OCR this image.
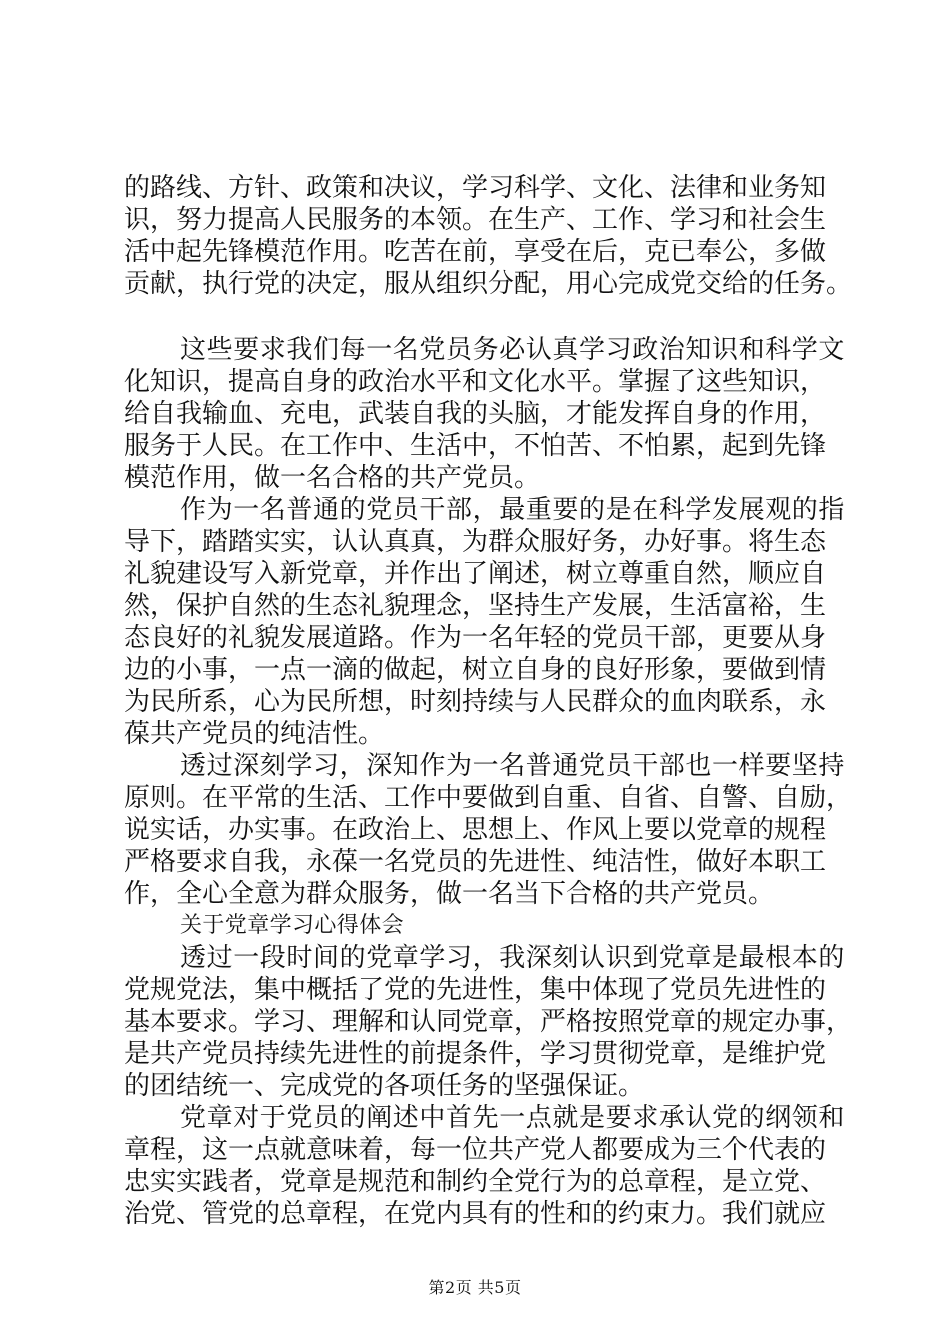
的路线、方针、政策和决议，学习科学、文化、法律和业务知
识，努力提高人民服务的本领。在生产、工作、学习和社会生
活中起先锋模范作用。吃苦在前，享受在后，克已奉公，多做
贡献，执行党的决定，服从组织分配，用心完成党交给的任务。
这些要求我们每一名党员务必认真学习政治知识和科学文
化知识，提高自身的政治水平和文化水平。掌握了这些知识，
给自我输血、充电，武装自我的头脑，才能发挥自身的作用，
服务于人民。在工作中、生活中，不怕苦、不怕累，起到先锋
模范作用，做一名合格的共产党员。
作为一名普通的党员干部，最重要的是在科学发展观的指
导下，踏踏实实，认认真真，为群众服好务，办好事。将生态
礼貌建设写入新党章，并作出了阐述，树立尊重自然，顺应自
然，保护自然的生态礼貌理念，坚持生产发展，生活富裕，生
态良好的礼貌发展道路。作为一名年轻的党员干部，更要从身
边的小事，一点一滴的做起，树立自身的良好形象，要做到情
为民所系，心为民所想，时刻持续与人民群众的血肉联系，永
葆共产党员的纯洁性。
透过深刻学习，深知作为一名普通党员干部也一样要坚持
原则。在平常的生活、工作中要做到自重、自省、自警、自励，
说实话，办实事。在政治上、思想上、作风上要以党章的规程
严格要求自我，永葆一名党员的先进性、纯洁性，做好本职工
作，全心全意为群众服务，做一名当下合格的共产党员。
关于党章学习心得体会
透过一段时间的党章学习，我深刻认识到党章是最根本的
党规党法，集中概括了党的先进性，集中体现了党员先进性的
基本要求。学习、理解和认同党章，严格按照党章的规定办事，
是共产党员持续先进性的前提条件，学习贯彻党章，是维护党
的团结统一、完成党的各项任务的坚强保证。
党章对于党员的阐述中首先一点就是要求承认党的纲领和
章程，这一点就意味着，每一位共产党人都要成为三个代表的
忠实实践者，党章是规范和制约全党行为的总章程，是立党、
治党、管党的总章程，在党内具有的性和的约束力。我们就应
第2页 共5页
